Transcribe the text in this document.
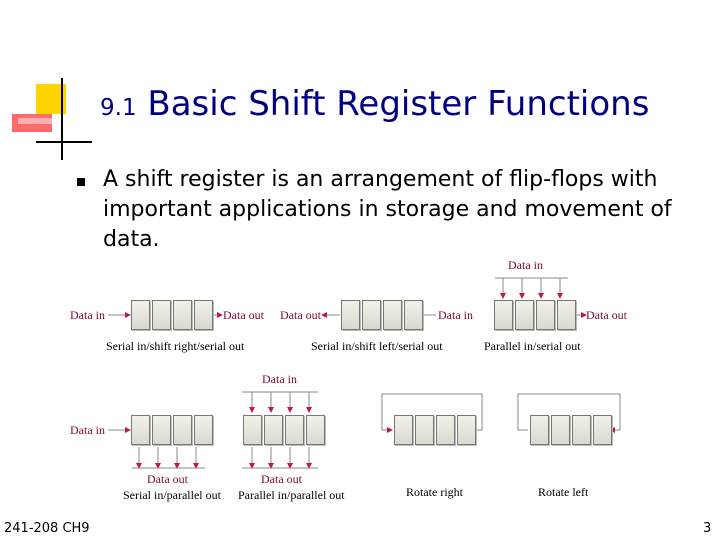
9.1 Basic Shift Register Functions
A shift register is an arrangement of flip-flops with important applications in storage and movement of data.
Data in	Data out Data out	Data in
Data in
Data out
Serial in/shift right/serial out	Serial in/shift left/serial out	Parallel in/serial out
Data in
Data in
Data out	Data out
Serial in/parallel out Parallel in/parallel out	Rotate right	Rotate left
241-208 CH9	3
